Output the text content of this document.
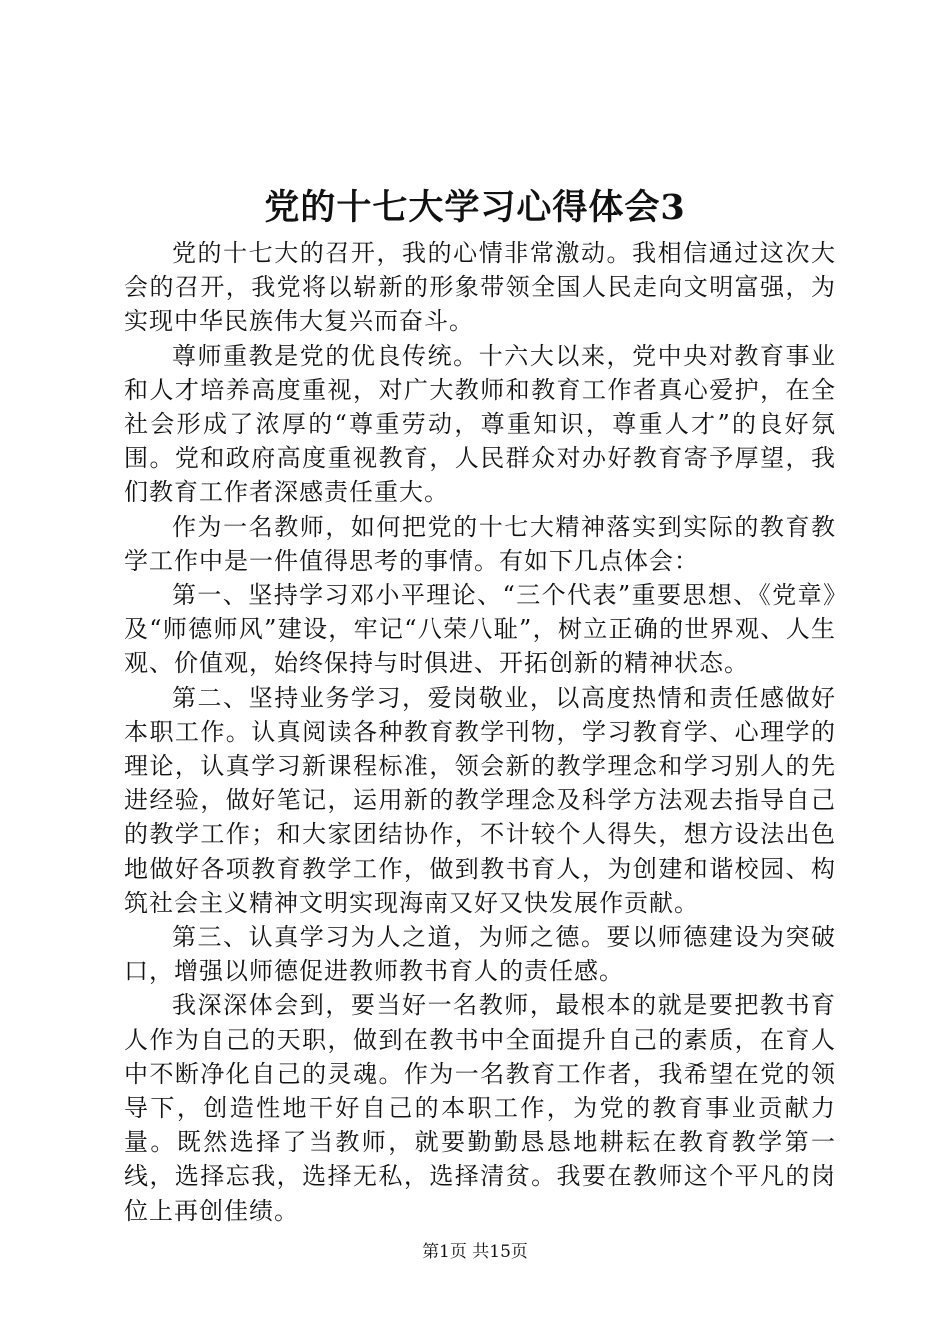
党的十七大学习心得体会3

党的十七大的召开，我的心情非常激动。我相信通过这次大会的召开，我党将以崭新的形象带领全国人民走向文明富强，为实现中华民族伟大复兴而奋斗。

尊师重教是党的优良传统。十六大以来，党中央对教育事业和人才培养高度重视，对广大教师和教育工作者真心爱护，在全社会形成了浓厚的“尊重劳动，尊重知识，尊重人才”的良好氛围。党和政府高度重视教育，人民群众对办好教育寄予厚望，我们教育工作者深感责任重大。

作为一名教师，如何把党的十七大精神落实到实际的教育教学工作中是一件值得思考的事情。有如下几点体会：

第一、坚持学习邓小平理论、“三个代表”重要思想、《党章》及“师德师风”建设，牢记“八荣八耻”，树立正确的世界观、人生观、价值观，始终保持与时俱进、开拓创新的精神状态。

第二、坚持业务学习，爱岗敬业，以高度热情和责任感做好本职工作。认真阅读各种教育教学刊物，学习教育学、心理学的理论，认真学习新课程标准，领会新的教学理念和学习别人的先进经验，做好笔记，运用新的教学理念及科学方法观去指导自己的教学工作；和大家团结协作，不计较个人得失，想方设法出色地做好各项教育教学工作，做到教书育人，为创建和谐校园、构筑社会主义精神文明实现海南又好又快发展作贡献。

第三、认真学习为人之道，为师之德。要以师德建设为突破口，增强以师德促进教师教书育人的责任感。

我深深体会到，要当好一名教师，最根本的就是要把教书育人作为自己的天职，做到在教书中全面提升自己的素质，在育人中不断净化自己的灵魂。作为一名教育工作者，我希望在党的领导下，创造性地干好自己的本职工作，为党的教育事业贡献力量。既然选择了当教师，就要勤勤恳恳地耕耘在教育教学第一线，选择忘我，选择无私，选择清贫。我要在教师这个平凡的岗位上再创佳绩。

第1页 共15页
